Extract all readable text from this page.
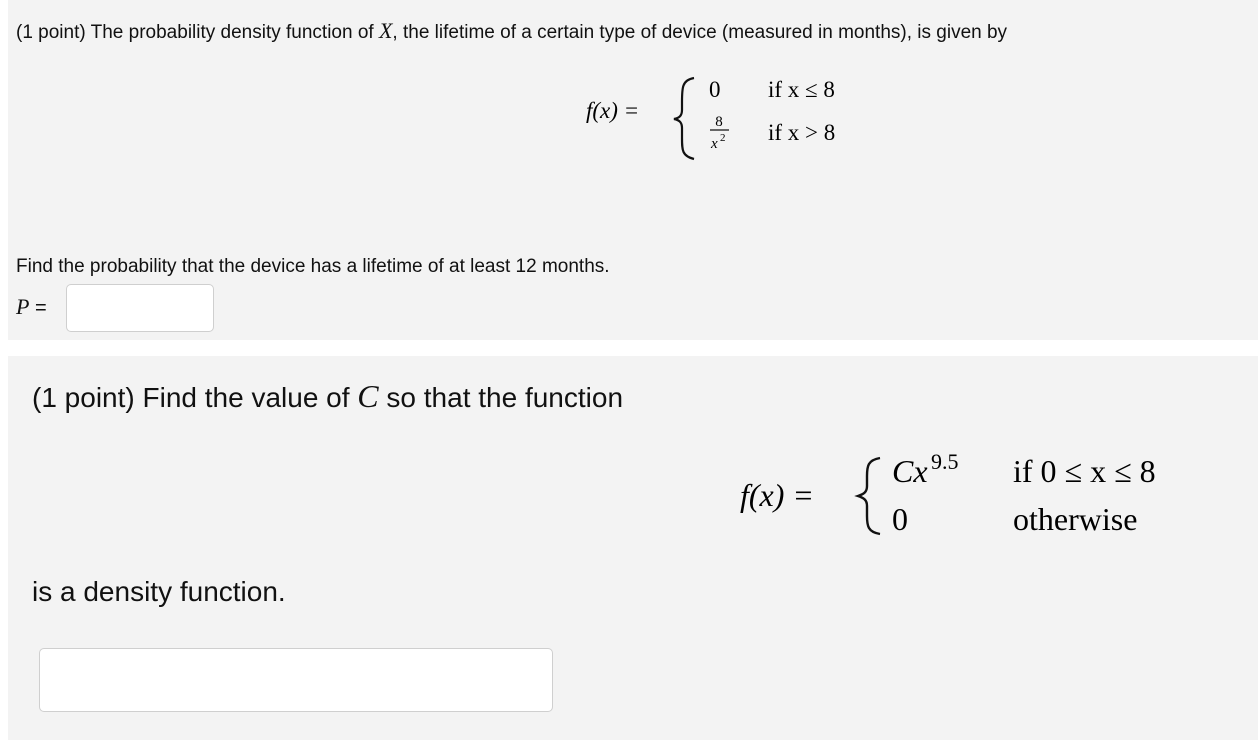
(1 point) The probability density function of X, the lifetime of a certain type of device (measured in months), is given by
f(x) =
0 if x ≤ 8
8
x 2 if x > 8
Find the probability that the device has a lifetime of at least 12 months.
P =
(1 point) Find the value of C so that the function
f(x) =
Cx 9.5 if 0 ≤ x ≤ 8
0	otherwise
is a density function.
